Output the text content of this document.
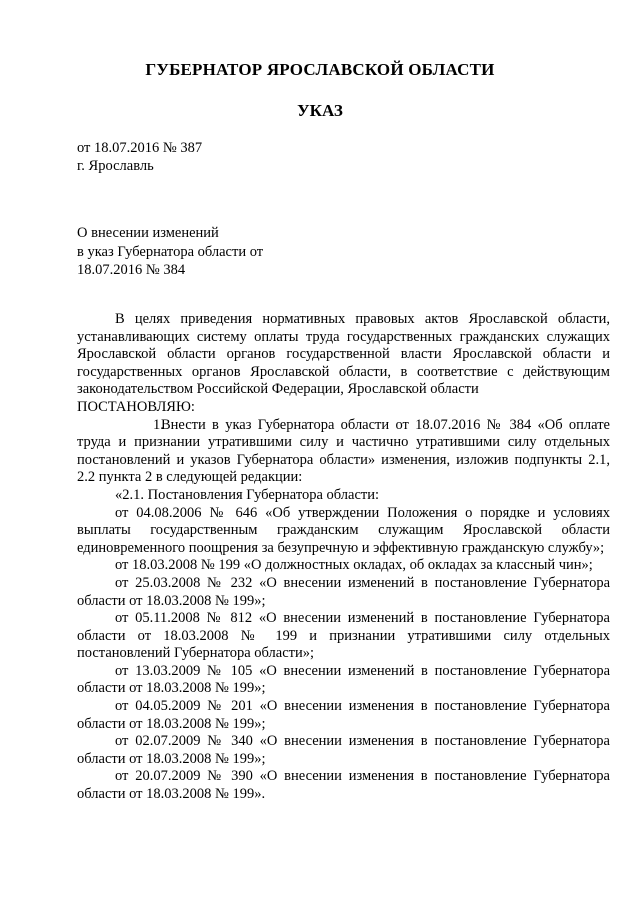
ГУБЕРНАТОР ЯРОСЛАВСКОЙ ОБЛАСТИ
УКАЗ
от 18.07.2016 № 387
г. Ярославль
О внесении изменений
в указ Губернатора области от
18.07.2016 № 384

В целях приведения нормативных правовых актов Ярославской области, устанавливающих систему оплаты труда государственных гражданских служащих Ярославской области органов государственной власти Ярославской области и государственных органов Ярославской области, в соответствие с действующим законодательством Российской Федерации, Ярославской области

ПОСТАНОВЛЯЮ:

1.Внести в указ Губернатора области от 18.07.2016 № 384 «Об оплате труда и признании утратившими силу и частично утратившими силу отдельных постановлений и указов Губернатора области» изменения, изложив подпункты 2.1, 2.2 пункта 2 в следующей редакции:

«2.1. Постановления Губернатора области:

от 04.08.2006 № 646 «Об утверждении Положения о порядке и условиях выплаты государственным гражданским служащим Ярославской области единовременного поощрения за безупречную и эффективную гражданскую службу»;

от 18.03.2008 № 199 «О должностных окладах, об окладах за классный чин»;

от 25.03.2008 № 232 «О внесении изменений в постановление Губернатора области от 18.03.2008 № 199»;

от 05.11.2008 № 812 «О внесении изменений в постановление Губернатора области от 18.03.2008 № 199 и признании утратившими силу отдельных постановлений Губернатора области»;

от 13.03.2009 № 105 «О внесении изменений в постановление Губернатора области от 18.03.2008 № 199»;

от 04.05.2009 № 201 «О внесении изменения в постановление Губернатора области от 18.03.2008 № 199»;

от 02.07.2009 № 340 «О внесении изменения в постановление Губернатора области от 18.03.2008 № 199»;

от 20.07.2009 № 390 «О внесении изменения в постановление Губернатора области от 18.03.2008 № 199».
